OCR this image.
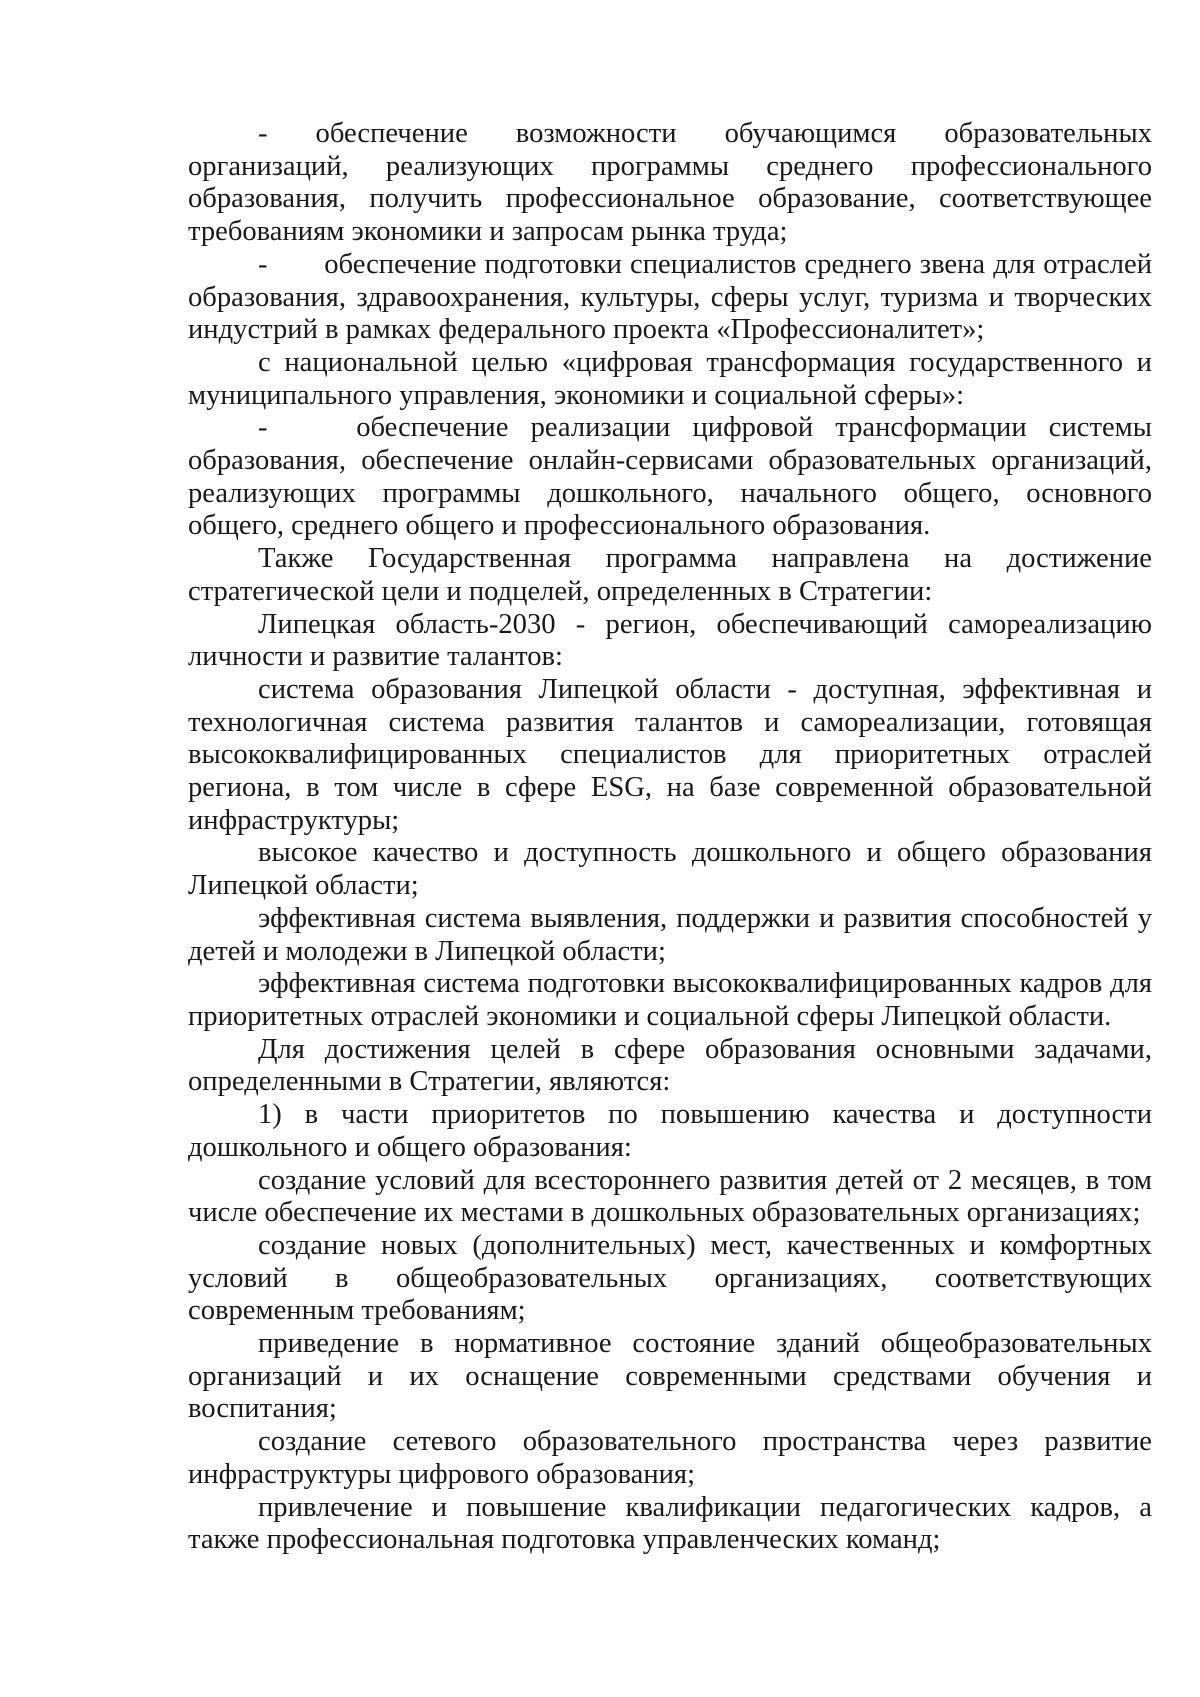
- обеспечение возможности обучающимся образовательных организаций, реализующих программы среднего профессионального образования, получить профессиональное образование, соответствующее требованиям экономики и запросам рынка труда;

-       обеспечение подготовки специалистов среднего звена для отраслей образования, здравоохранения, культуры, сферы услуг, туризма и творческих индустрий в рамках федерального проекта «Профессионалитет»;

с национальной целью «цифровая трансформация государственного и муниципального управления, экономики и социальной сферы»:

-    обеспечение реализации цифровой трансформации системы образования, обеспечение онлайн-сервисами образовательных организаций, реализующих программы дошкольного, начального общего, основного общего, среднего общего и профессионального образования.

Также Государственная программа направлена на достижение стратегической цели и подцелей, определенных в Стратегии:

Липецкая область-2030 - регион, обеспечивающий самореализацию личности и развитие талантов:

система образования Липецкой области - доступная, эффективная и технологичная система развития талантов и самореализации, готовящая высококвалифицированных специалистов для приоритетных отраслей региона, в том числе в сфере ESG, на базе современной образовательной инфраструктуры;

высокое качество и доступность дошкольного и общего образования Липецкой области;

эффективная система выявления, поддержки и развития способностей у детей и молодежи в Липецкой области;

эффективная система подготовки высококвалифицированных кадров для приоритетных отраслей экономики и социальной сферы Липецкой области.

Для достижения целей в сфере образования основными задачами, определенными в Стратегии, являются:

1) в части приоритетов по повышению качества и доступности дошкольного и общего образования:

создание условий для всестороннего развития детей от 2 месяцев, в том числе обеспечение их местами в дошкольных образовательных организациях;

создание новых (дополнительных) мест, качественных и комфортных условий в общеобразовательных организациях, соответствующих современным требованиям;

приведение в нормативное состояние зданий общеобразовательных организаций и их оснащение современными средствами обучения и воспитания;

создание сетевого образовательного пространства через развитие инфраструктуры цифрового образования;

привлечение и повышение квалификации педагогических кадров, а также профессиональная подготовка управленческих команд;
